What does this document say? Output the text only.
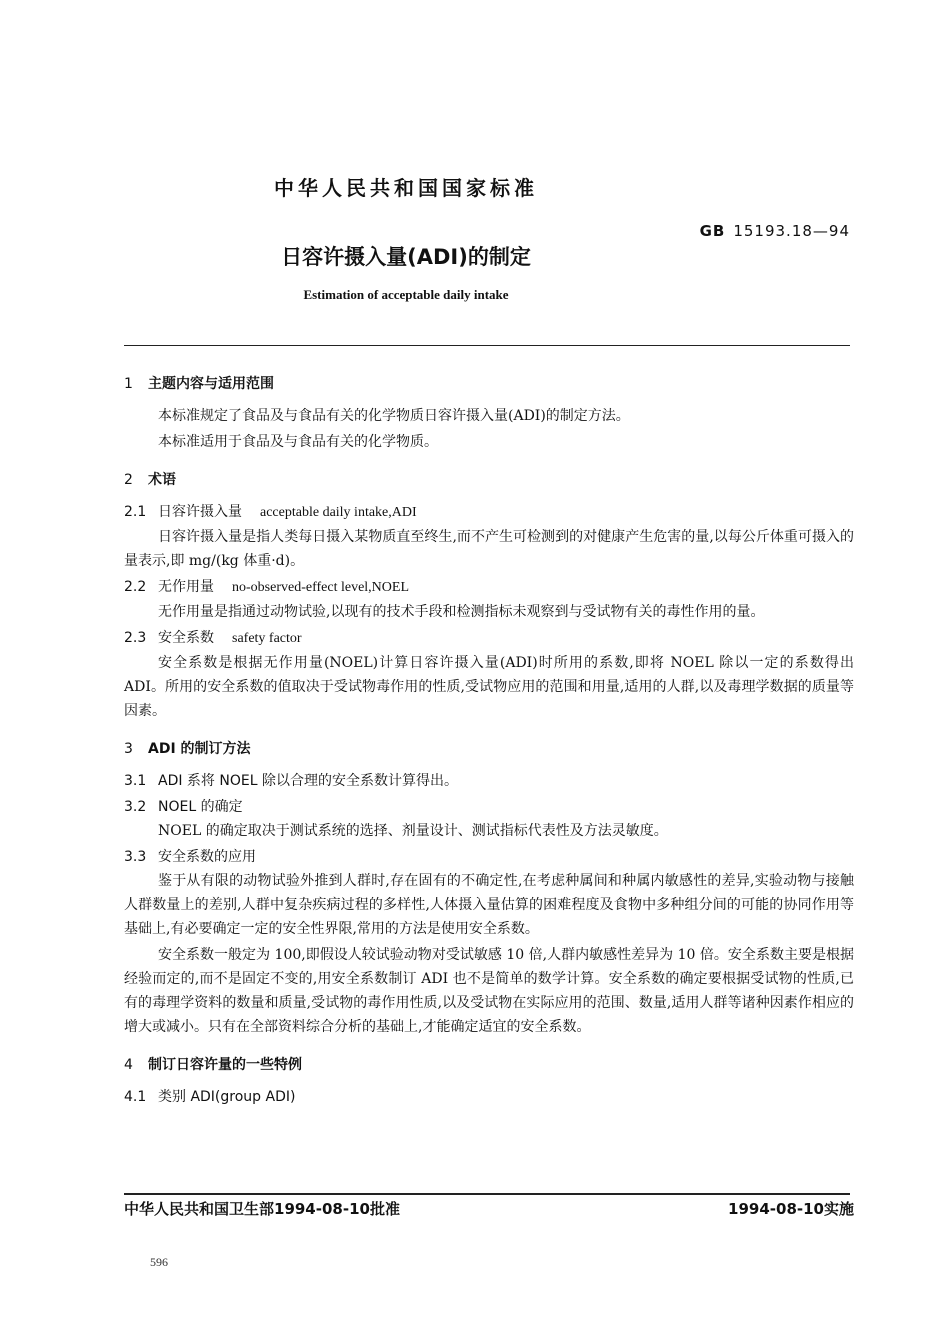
中华人民共和国国家标准
GB 15193.18—94
日容许摄入量(ADI)的制定
Estimation of acceptable daily intake
1 主题内容与适用范围

本标准规定了食品及与食品有关的化学物质日容许摄入量(ADI)的制定方法。

本标准适用于食品及与食品有关的化学物质。

2 术语
2.1 日容许摄入量 acceptable daily intake,ADI

日容许摄入量是指人类每日摄入某物质直至终生,而不产生可检测到的对健康产生危害的量,以每公斤体重可摄入的量表示,即 mg/(kg 体重·d)。

2.2 无作用量 no-observed-effect level,NOEL

无作用量是指通过动物试验,以现有的技术手段和检测指标未观察到与受试物有关的毒性作用的量。

2.3 安全系数 safety factor

安全系数是根据无作用量(NOEL)计算日容许摄入量(ADI)时所用的系数,即将 NOEL 除以一定的系数得出 ADI。所用的安全系数的值取决于受试物毒作用的性质,受试物应用的范围和用量,适用的人群,以及毒理学数据的质量等因素。

3 ADI 的制订方法
3.1 ADI 系将 NOEL 除以合理的安全系数计算得出。
3.2 NOEL 的确定

NOEL 的确定取决于测试系统的选择、剂量设计、测试指标代表性及方法灵敏度。

3.3 安全系数的应用

鉴于从有限的动物试验外推到人群时,存在固有的不确定性,在考虑种属间和种属内敏感性的差异,实验动物与接触人群数量上的差别,人群中复杂疾病过程的多样性,人体摄入量估算的困难程度及食物中多种组分间的可能的协同作用等基础上,有必要确定一定的安全性界限,常用的方法是使用安全系数。

安全系数一般定为 100,即假设人较试验动物对受试敏感 10 倍,人群内敏感性差异为 10 倍。安全系数主要是根据经验而定的,而不是固定不变的,用安全系数制订 ADI 也不是简单的数学计算。安全系数的确定要根据受试物的性质,已有的毒理学资料的数量和质量,受试物的毒作用性质,以及受试物在实际应用的范围、数量,适用人群等诸种因素作相应的增大或减小。只有在全部资料综合分析的基础上,才能确定适宜的安全系数。

4 制订日容许量的一些特例
4.1 类别 ADI(group ADI)
中华人民共和国卫生部1994-08-10批准	1994-08-10实施
596
